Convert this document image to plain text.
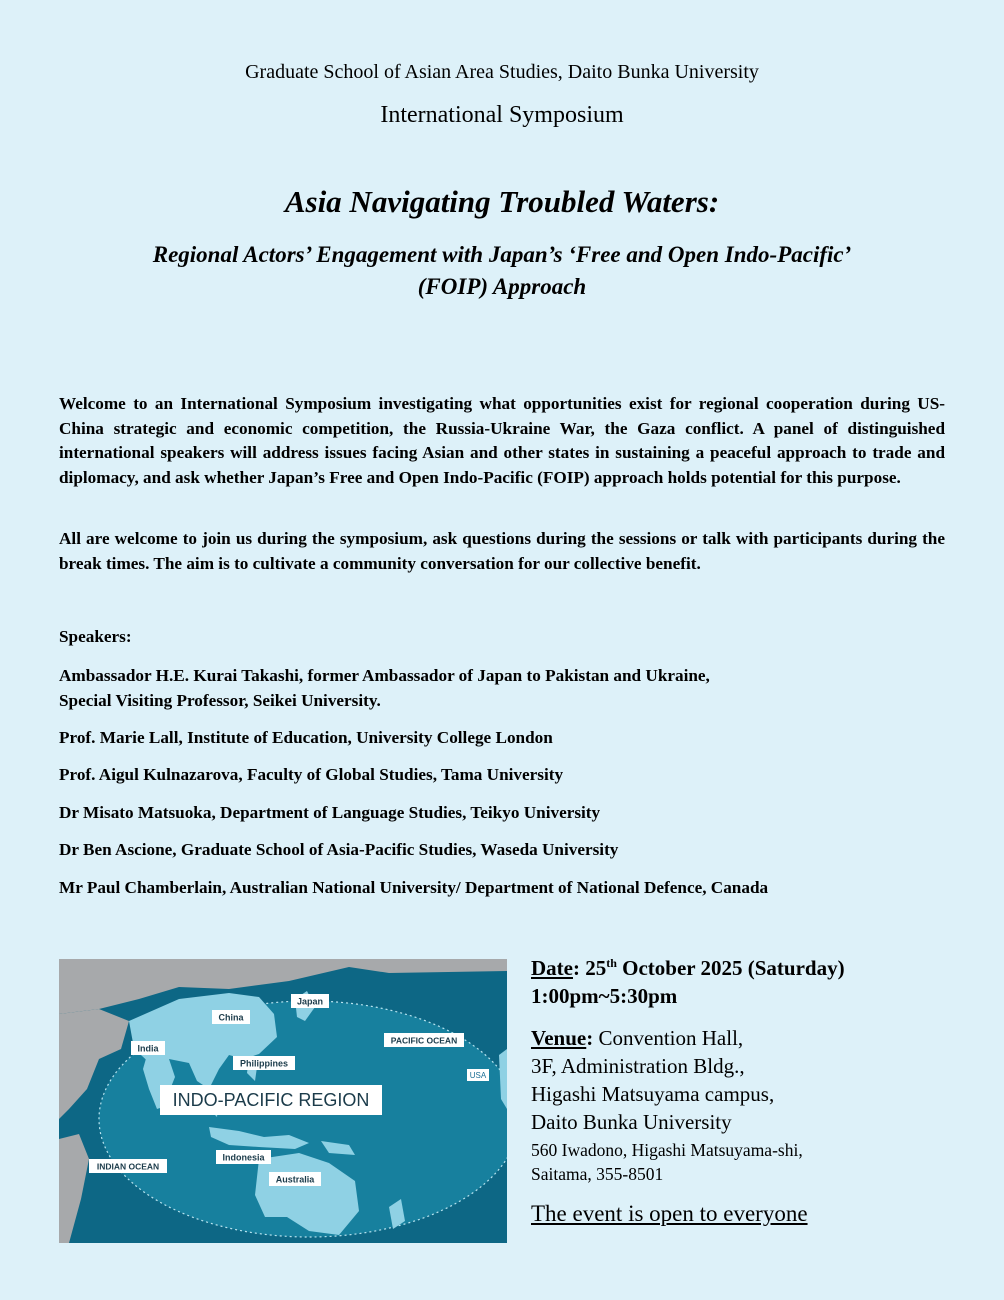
Graduate School of Asian Area Studies, Daito Bunka University
International Symposium
Asia Navigating Troubled Waters:
Regional Actors’ Engagement with Japan’s ‘Free and Open Indo-Pacific’
(FOIP) Approach

Welcome to an International Symposium investigating what opportunities exist for regional cooperation during US-China strategic and economic competition, the Russia-Ukraine War, the Gaza conflict. A panel of distinguished international speakers will address issues facing Asian and other states in sustaining a peaceful approach to trade and diplomacy, and ask whether Japan’s Free and Open Indo-Pacific (FOIP) approach holds potential for this purpose.

All are welcome to join us during the symposium, ask questions during the sessions or talk with participants during the break times. The aim is to cultivate a community conversation for our collective benefit.

Speakers:
Ambassador H.E. Kurai Takashi, former Ambassador of Japan to Pakistan and Ukraine,
Special Visiting Professor, Seikei University.
Prof. Marie Lall, Institute of Education, University College London
Prof. Aigul Kulnazarova, Faculty of Global Studies, Tama University
Dr Misato Matsuoka, Department of Language Studies, Teikyo University
Dr Ben Ascione, Graduate School of Asia-Pacific Studies, Waseda University
Mr Paul Chamberlain, Australian National University/ Department of National Defence, Canada
Japan
China
India
Philippines
PACIFIC OCEAN
USA
INDO-PACIFIC REGION
Indonesia
INDIAN OCEAN
Australia
Date: 25th October 2025 (Saturday)
1:00pm~5:30pm
Venue: Convention Hall,
3F, Administration Bldg.,
Higashi Matsuyama campus,
Daito Bunka University
560 Iwadono, Higashi Matsuyama-shi,
Saitama, 355-8501
The event is open to everyone
